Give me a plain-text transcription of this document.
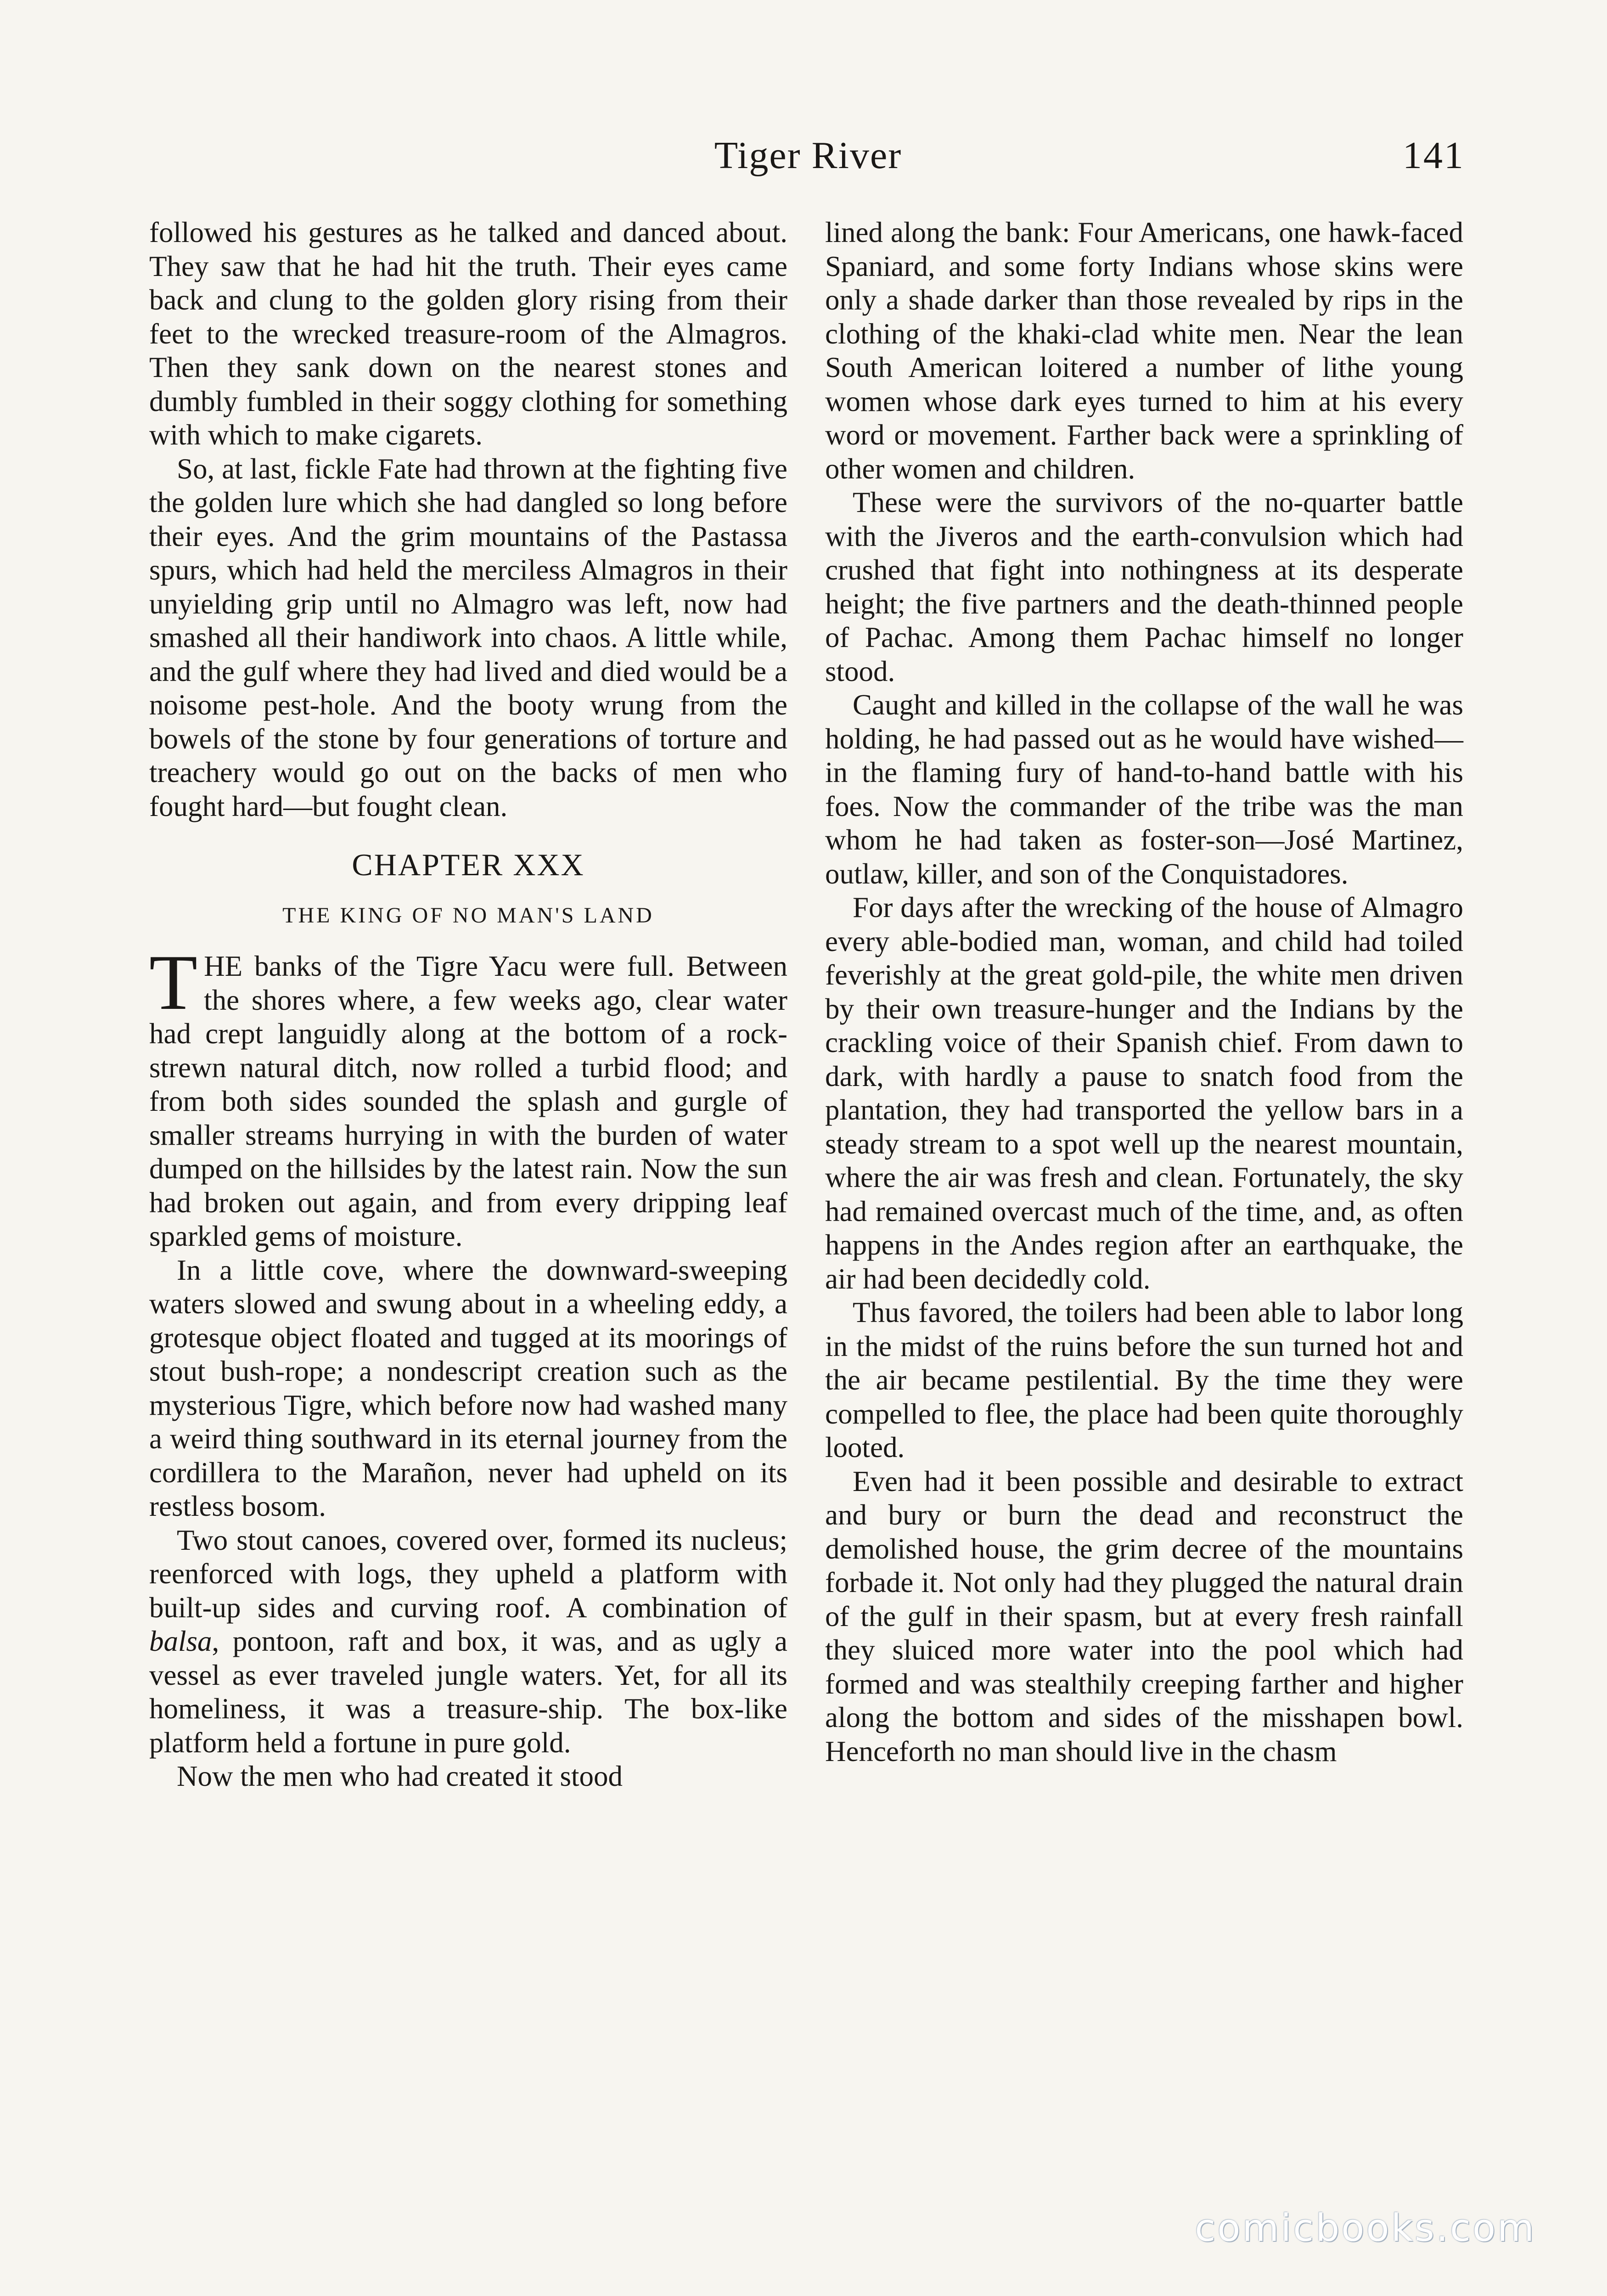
Tiger River	141

followed his gestures as he talked and danced about. They saw that he had hit the truth. Their eyes came back and clung to the golden glory rising from their feet to the wrecked treasure-room of the Almagros. Then they sank down on the nearest stones and dumbly fumbled in their soggy clothing for something with which to make cigarets.

So, at last, fickle Fate had thrown at the fighting five the golden lure which she had dangled so long before their eyes. And the grim mountains of the Pastassa spurs, which had held the merciless Almagros in their unyielding grip until no Almagro was left, now had smashed all their handiwork into chaos. A little while, and the gulf where they had lived and died would be a noisome pest-hole. And the booty wrung from the bowels of the stone by four generations of torture and treachery would go out on the backs of men who fought hard—but fought clean.

CHAPTER XXX
THE KING OF NO MAN'S LAND

THE banks of the Tigre Yacu were full. Between the shores where, a few weeks ago, clear water had crept languidly along at the bottom of a rock-strewn natural ditch, now rolled a turbid flood; and from both sides sounded the splash and gurgle of smaller streams hurrying in with the burden of water dumped on the hillsides by the latest rain. Now the sun had broken out again, and from every dripping leaf sparkled gems of moisture.

In a little cove, where the downward-sweeping waters slowed and swung about in a wheeling eddy, a grotesque object floated and tugged at its moorings of stout bush-rope; a nondescript creation such as the mysterious Tigre, which before now had washed many a weird thing southward in its eternal journey from the cordillera to the Marañon, never had upheld on its restless bosom.

Two stout canoes, covered over, formed its nucleus; reenforced with logs, they upheld a platform with built-up sides and curving roof. A combination of balsa, pontoon, raft and box, it was, and as ugly a vessel as ever traveled jungle waters. Yet, for all its homeliness, it was a treasure-ship. The box-like platform held a fortune in pure gold.

Now the men who had created it stood

lined along the bank: Four Americans, one hawk-faced Spaniard, and some forty Indians whose skins were only a shade darker than those revealed by rips in the clothing of the khaki-clad white men. Near the lean South American loitered a number of lithe young women whose dark eyes turned to him at his every word or movement. Farther back were a sprinkling of other women and children.

These were the survivors of the no-quarter battle with the Jiveros and the earth-convulsion which had crushed that fight into nothingness at its desperate height; the five partners and the death-thinned people of Pachac. Among them Pachac himself no longer stood.

Caught and killed in the collapse of the wall he was holding, he had passed out as he would have wished—in the flaming fury of hand-to-hand battle with his foes. Now the commander of the tribe was the man whom he had taken as foster-son—José Martinez, outlaw, killer, and son of the Conquistadores.

For days after the wrecking of the house of Almagro every able-bodied man, woman, and child had toiled feverishly at the great gold-pile, the white men driven by their own treasure-hunger and the Indians by the crackling voice of their Spanish chief. From dawn to dark, with hardly a pause to snatch food from the plantation, they had transported the yellow bars in a steady stream to a spot well up the nearest mountain, where the air was fresh and clean. Fortunately, the sky had remained overcast much of the time, and, as often happens in the Andes region after an earthquake, the air had been decidedly cold.

Thus favored, the toilers had been able to labor long in the midst of the ruins before the sun turned hot and the air became pestilential. By the time they were compelled to flee, the place had been quite thoroughly looted.

Even had it been possible and desirable to extract and bury or burn the dead and reconstruct the demolished house, the grim decree of the mountains forbade it. Not only had they plugged the natural drain of the gulf in their spasm, but at every fresh rainfall they sluiced more water into the pool which had formed and was stealthily creeping farther and higher along the bottom and sides of the misshapen bowl. Henceforth no man should live in the chasm

comicbooks.com
